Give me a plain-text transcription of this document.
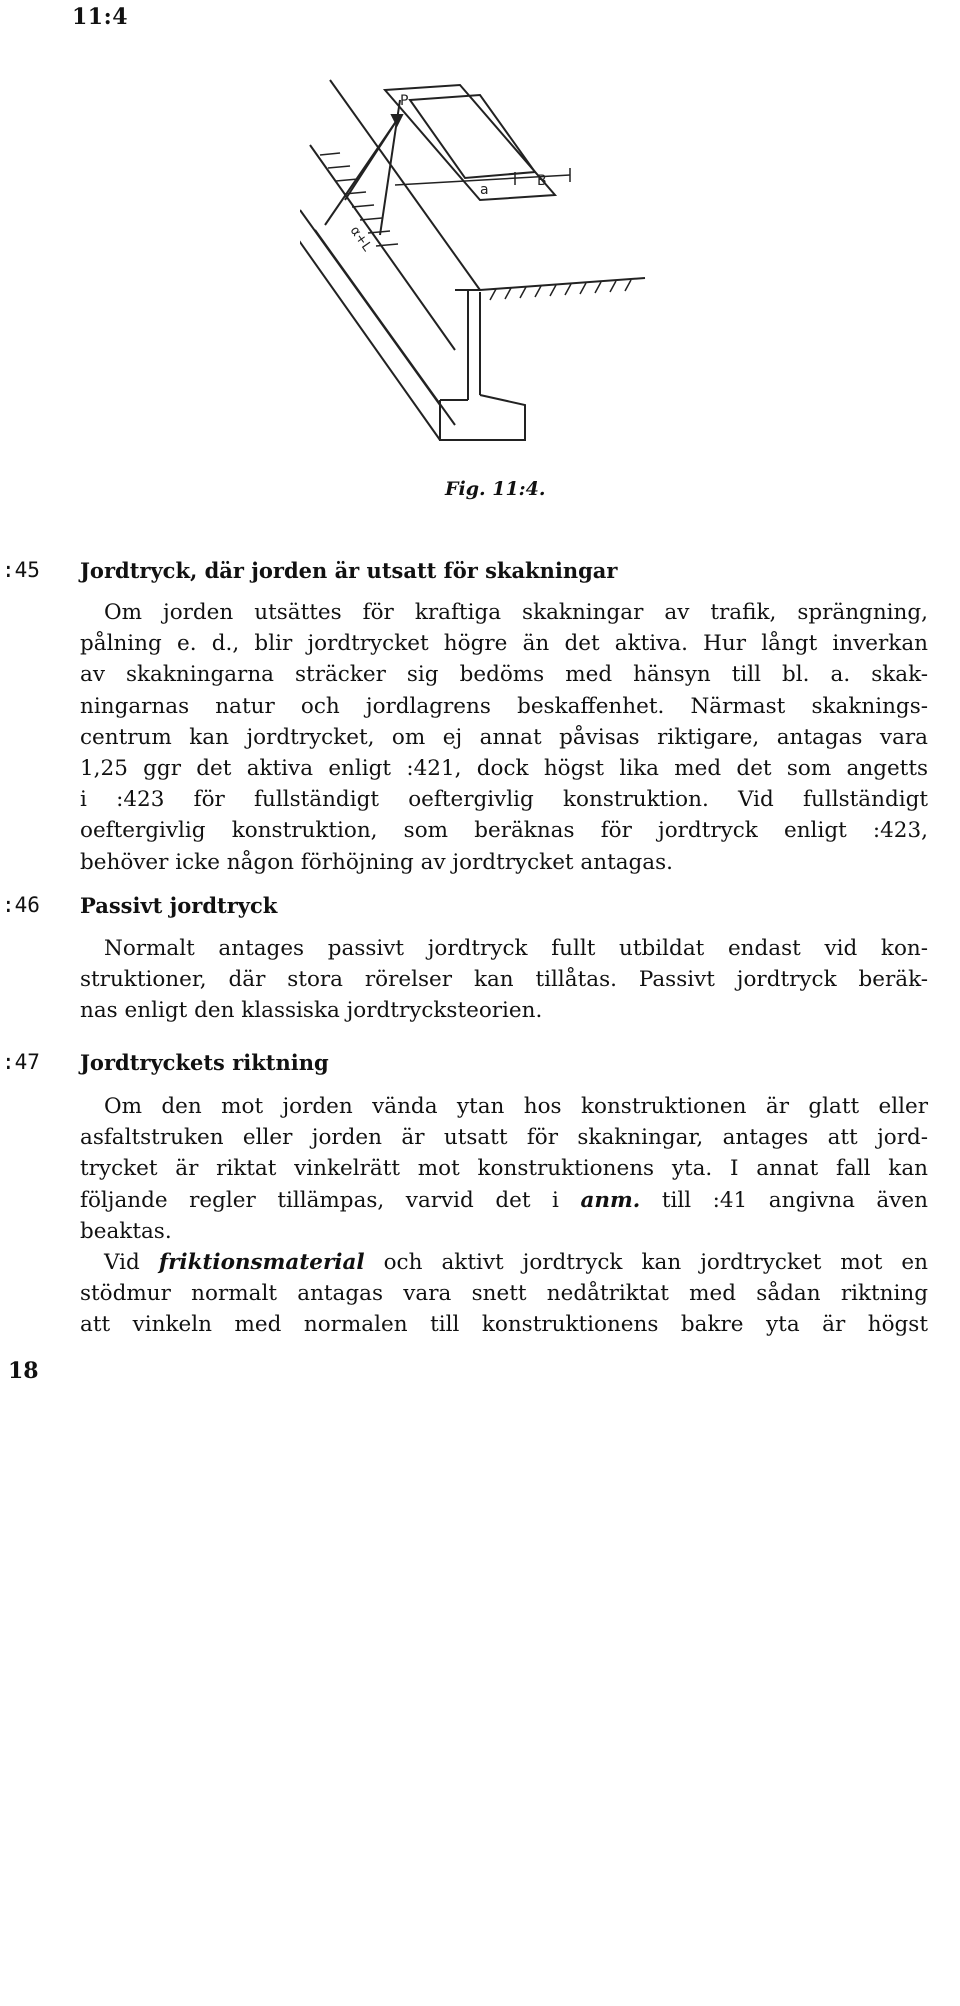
11:4
P
a
B
α+L
Fig. 11:4.
:45 Jordtryck, där jorden är utsatt för skakningar
Om jorden utsättes för kraftiga skakningar av trafik, sprängning,
pålning e. d., blir jordtrycket högre än det aktiva. Hur långt inverkan
av skakningarna sträcker sig bedöms med hänsyn till bl. a. skak-
ningarnas natur och jordlagrens beskaffenhet. Närmast skaknings-
centrum kan jordtrycket, om ej annat påvisas riktigare, antagas vara
1,25 ggr det aktiva enligt :421, dock högst lika med det som angetts
i :423 för fullständigt oeftergivlig konstruktion. Vid fullständigt
oeftergivlig konstruktion, som beräknas för jordtryck enligt :423,
behöver icke någon förhöjning av jordtrycket antagas.
:46 Passivt jordtryck
Normalt antages passivt jordtryck fullt utbildat endast vid kon-
struktioner, där stora rörelser kan tillåtas. Passivt jordtryck beräk-
nas enligt den klassiska jordtrycksteorien.
:47 Jordtryckets riktning
Om den mot jorden vända ytan hos konstruktionen är glatt eller
asfaltstruken eller jorden är utsatt för skakningar, antages att jord-
trycket är riktat vinkelrätt mot konstruktionens yta. I annat fall kan
följande regler tillämpas, varvid det i anm. till :41 angivna även
beaktas.
Vid friktionsmaterial och aktivt jordtryck kan jordtrycket mot en
stödmur normalt antagas vara snett nedåtriktat med sådan riktning
att vinkeln med normalen till konstruktionens bakre yta är högst
18
